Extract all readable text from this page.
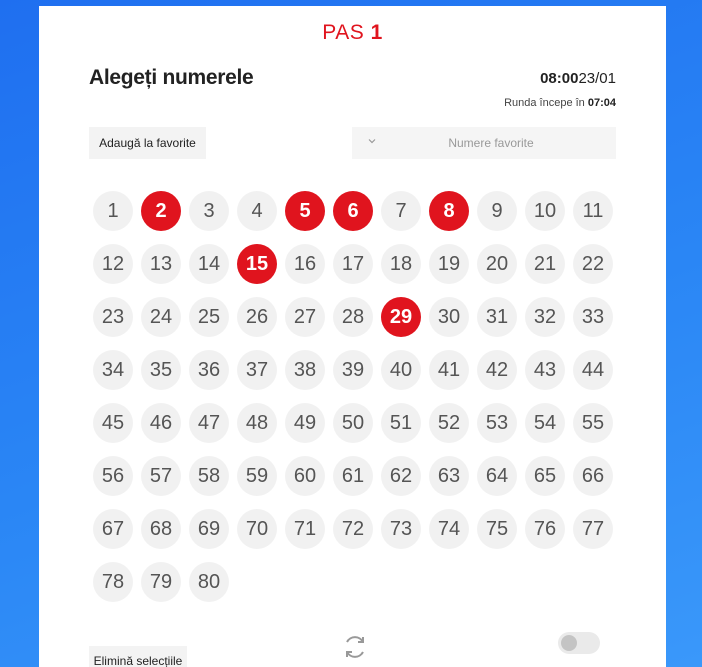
PAS 1
Alegeți numerele	08:0023/01
Runda începe în 07:04
Adaugă la favorite	Numere favorite
1	2	3	4	5	6	7	8	9	10	11
12	13	14	15	16	17	18	19	20	21	22
23	24	25	26	27	28	29	30	31	32	33
34	35	36	37	38	39	40	41	42	43	44
45	46	47	48	49	50	51	52	53	54	55
56	57	58	59	60	61	62	63	64	65	66
67	68	69	70	71	72	73	74	75	76	77
78	79	80
Elimină selecțiile
